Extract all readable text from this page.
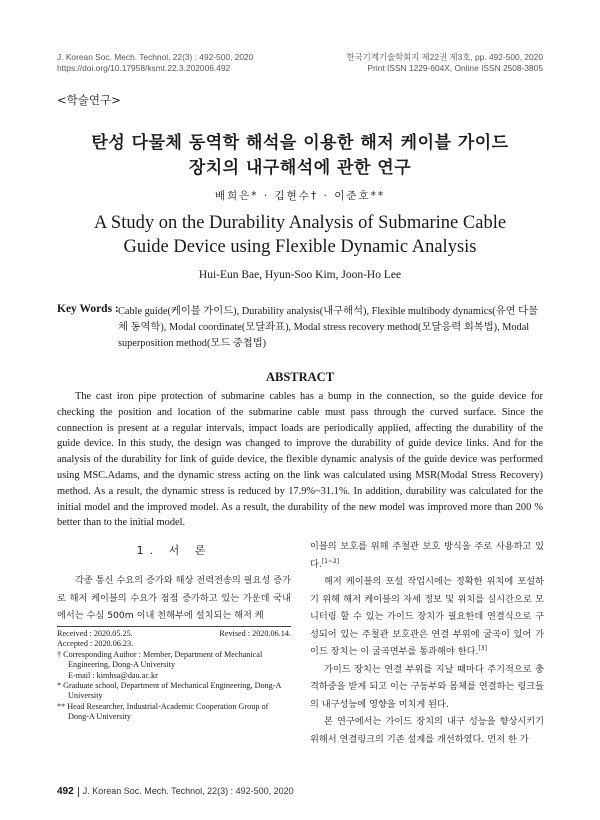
J. Korean Soc. Mech. Technol, 22(3) : 492-500, 2020
https://doi.org/10.17958/ksmt.22.3.202006.492
한국기계기술학회지 제22권 제3호, pp. 492-500, 2020
Print ISSN 1229-604X, Online ISSN 2508-3805
<학술연구>
탄성 다물체 동역학 해석을 이용한 해저 케이블 가이드
장치의 내구해석에 관한 연구
배희은* · 김현수† · 이준호**
A Study on the Durability Analysis of Submarine Cable
Guide Device using Flexible Dynamic Analysis
Hui-Eun Bae, Hyun-Soo Kim, Joon-Ho Lee
Key Words : Cable guide(케이블 가이드), Durability analysis(내구해석), Flexible multibody dynamics(유연 다물체 동역학), Modal coordinate(모달좌표), Modal stress recovery method(모달응력 회복법), Modal superposition method(모드 중첩법)
ABSTRACT
The cast iron pipe protection of submarine cables has a bump in the connection, so the guide device for checking the position and location of the submarine cable must pass through the curved surface. Since the connection is present at a regular intervals, impact loads are periodically applied, affecting the durability of the guide device. In this study, the design was changed to improve the durability of guide device links. And for the analysis of the durability for link of guide device, the flexible dynamic analysis of the guide device was performed using MSC.Adams, and the dynamic stress acting on the link was calculated using MSR(Modal Stress Recovery) method. As a result, the dynamic stress is reduced by 17.9%~31.1%. In addition, durability was calculated for the initial model and the improved model. As a result, the durability of the new model was improved more than 200 % better than to the initial model.
1. 서 론
각종 통신 수요의 증가와 해상 전력전송의 필요성 증가로 해저 케이블의 수요가 점점 증가하고 있는 가운데 국내에서는 수심 500m 이내 천해부에 설치되는 해저 케

이블의 보호를 위해 주철관 보호 방식을 주로 사용하고 있다.[1~2]

해저 케이블의 포설 작업시에는 정확한 위치에 포설하기 위해 해저 케이블의 자세 정보 및 위치를 실시간으로 모니터링 할 수 있는 가이드 장치가 필요한데 연결식으로 구성되어 있는 주철관 보호관은 연결 부위에 굴곡이 있어 가이드 장치는 이 굴곡면부를 통과해야 한다.[3]

가이드 장치는 연결 부위를 지날 때마다 주기적으로 충격하중을 받게 되고 이는 구동부와 몸체를 연결하는 링크들의 내구성능에 영향을 미치게 된다.

본 연구에서는 가이드 장치의 내구 성능을 향상시키기 위해서 연결링크의 기존 설계를 개선하였다. 먼저 한 가

Received : 2020.05.25.	Revised : 2020.06.14.
Accepted : 2020.06.23.
† Corresponding Author : Member, Department of Mechanical Engineering, Dong-A University
E-mail : kimhsa@dau.ac.kr
* Graduate school, Department of Mechanical Engineering, Dong-A University
** Head Researcher, Industrial-Academic Cooperation Group of Dong-A University
492 J. Korean Soc. Mech. Technol, 22(3) : 492-500, 2020
